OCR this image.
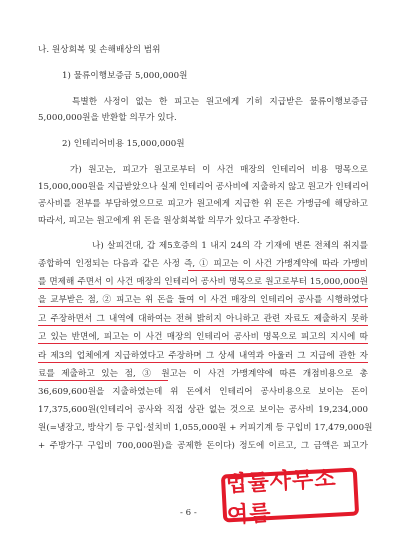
나. 원상회복 및 손해배상의 범위
1) 물류이행보증금 5,000,000원
특별한 사정이 없는 한 피고는 원고에게 기히 지급받은 물류이행보증금
5,000,000원을 반환할 의무가 있다.
2) 인테리어비용 15,000,000원
가) 원고는, 피고가 원고로부터 이 사건 매장의 인테리어 비용 명목으로
15,000,000원을 지급받았으나 실제 인테리어 공사비에 지출하지 않고 원고가 인테리어
공사비를 전부를 부담하였으므로 피고가 원고에게 지급한 위 돈은 가맹금에 해당하고
따라서, 피고는 원고에게 위 돈을 원상회복할 의무가 있다고 주장한다.
나) 살피건대, 갑 제5호증의 1 내지 24의 각 기재에 변론 전체의 취지를
종합하여 인정되는 다음과 같은 사정 즉, ① 피고는 이 사건 가맹계약에 따라 가맹비
를 면제해 주면서 이 사건 매장의 인테리어 공사비 명목으로 원고로부터 15,000,000원
을 교부받은 점, ② 피고는 위 돈을 들여 이 사건 매장의 인테리어 공사를 시행하였다
고 주장하면서 그 내역에 대하여는 전혀 밝히지 아니하고 관련 자료도 제출하지 못하
고 있는 반면에, 피고는 이 사건 매장의 인테리어 공사비 명목으로 피고의 지시에 따
라 제3의 업체에게 지급하였다고 주장하며 그 상세 내역과 아울러 그 지급에 관한 자
료를 제출하고 있는 점, ③ 원고는 이 사건 가맹계약에 따른 개점비용으로 총
36,609,600원을 지출하였는데 위 돈에서 인테리어 공사비용으로 보이는 돈이
17,375,600원(인테리어 공사와 직접 상관 없는 것으로 보이는 공사비 19,234,000
원(=냉장고, 방삭기 등 구입·설치비 1,055,000원 + 커피기계 등 구입비 17,479,000원
+ 주방가구 구입비 700,000원)을 공제한 돈이다) 정도에 이르고, 그 금액은 피고가
- 6 -
법률사무소 여름
